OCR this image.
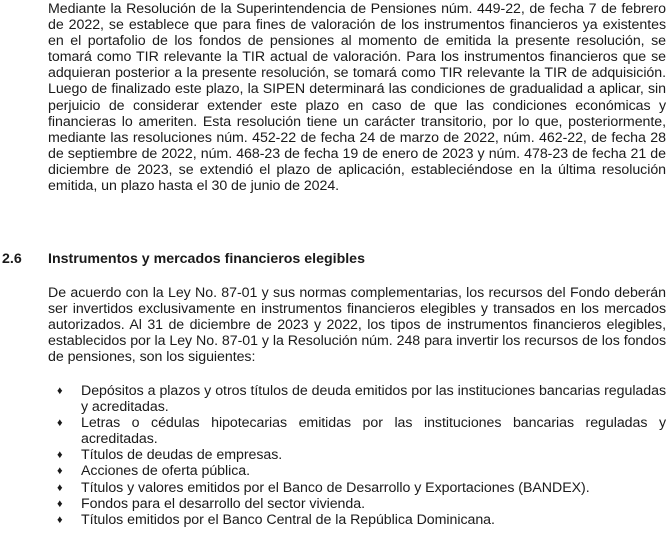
Mediante la Resolución de la Superintendencia de Pensiones núm. 449-22, de fecha 7 de febrero de 2022, se establece que para fines de valoración de los instrumentos financieros ya existentes en el portafolio de los fondos de pensiones al momento de emitida la presente resolución, se tomará como TIR relevante la TIR actual de valoración. Para los instrumentos financieros que se adquieran posterior a la presente resolución, se tomará como TIR relevante la TIR de adquisición. Luego de finalizado este plazo, la SIPEN determinará las condiciones de gradualidad a aplicar, sin perjuicio de considerar extender este plazo en caso de que las condiciones económicas y financieras lo ameriten. Esta resolución tiene un carácter transitorio, por lo que, posteriormente, mediante las resoluciones núm. 452-22 de fecha 24 de marzo de 2022, núm. 462-22, de fecha 28 de septiembre de 2022, núm. 468-23 de fecha 19 de enero de 2023 y núm. 478-23 de fecha 21 de diciembre de 2023, se extendió el plazo de aplicación, estableciéndose en la última resolución emitida, un plazo hasta el 30 de junio de 2024.

2.6 Instrumentos y mercados financieros elegibles

De acuerdo con la Ley No. 87-01 y sus normas complementarias, los recursos del Fondo deberán ser invertidos exclusivamente en instrumentos financieros elegibles y transados en los mercados autorizados. Al 31 de diciembre de 2023 y 2022, los tipos de instrumentos financieros elegibles, establecidos por la Ley No. 87-01 y la Resolución núm. 248 para invertir los recursos de los fondos de pensiones, son los siguientes:

♦	Depósitos a plazos y otros títulos de deuda emitidos por las instituciones bancarias reguladas y acreditadas.
♦	Letras o cédulas hipotecarias emitidas por las instituciones bancarias reguladas y acreditadas.
♦	Títulos de deudas de empresas.
♦	Acciones de oferta pública.
♦	Títulos y valores emitidos por el Banco de Desarrollo y Exportaciones (BANDEX).
♦	Fondos para el desarrollo del sector vivienda.
♦	Títulos emitidos por el Banco Central de la República Dominicana.
